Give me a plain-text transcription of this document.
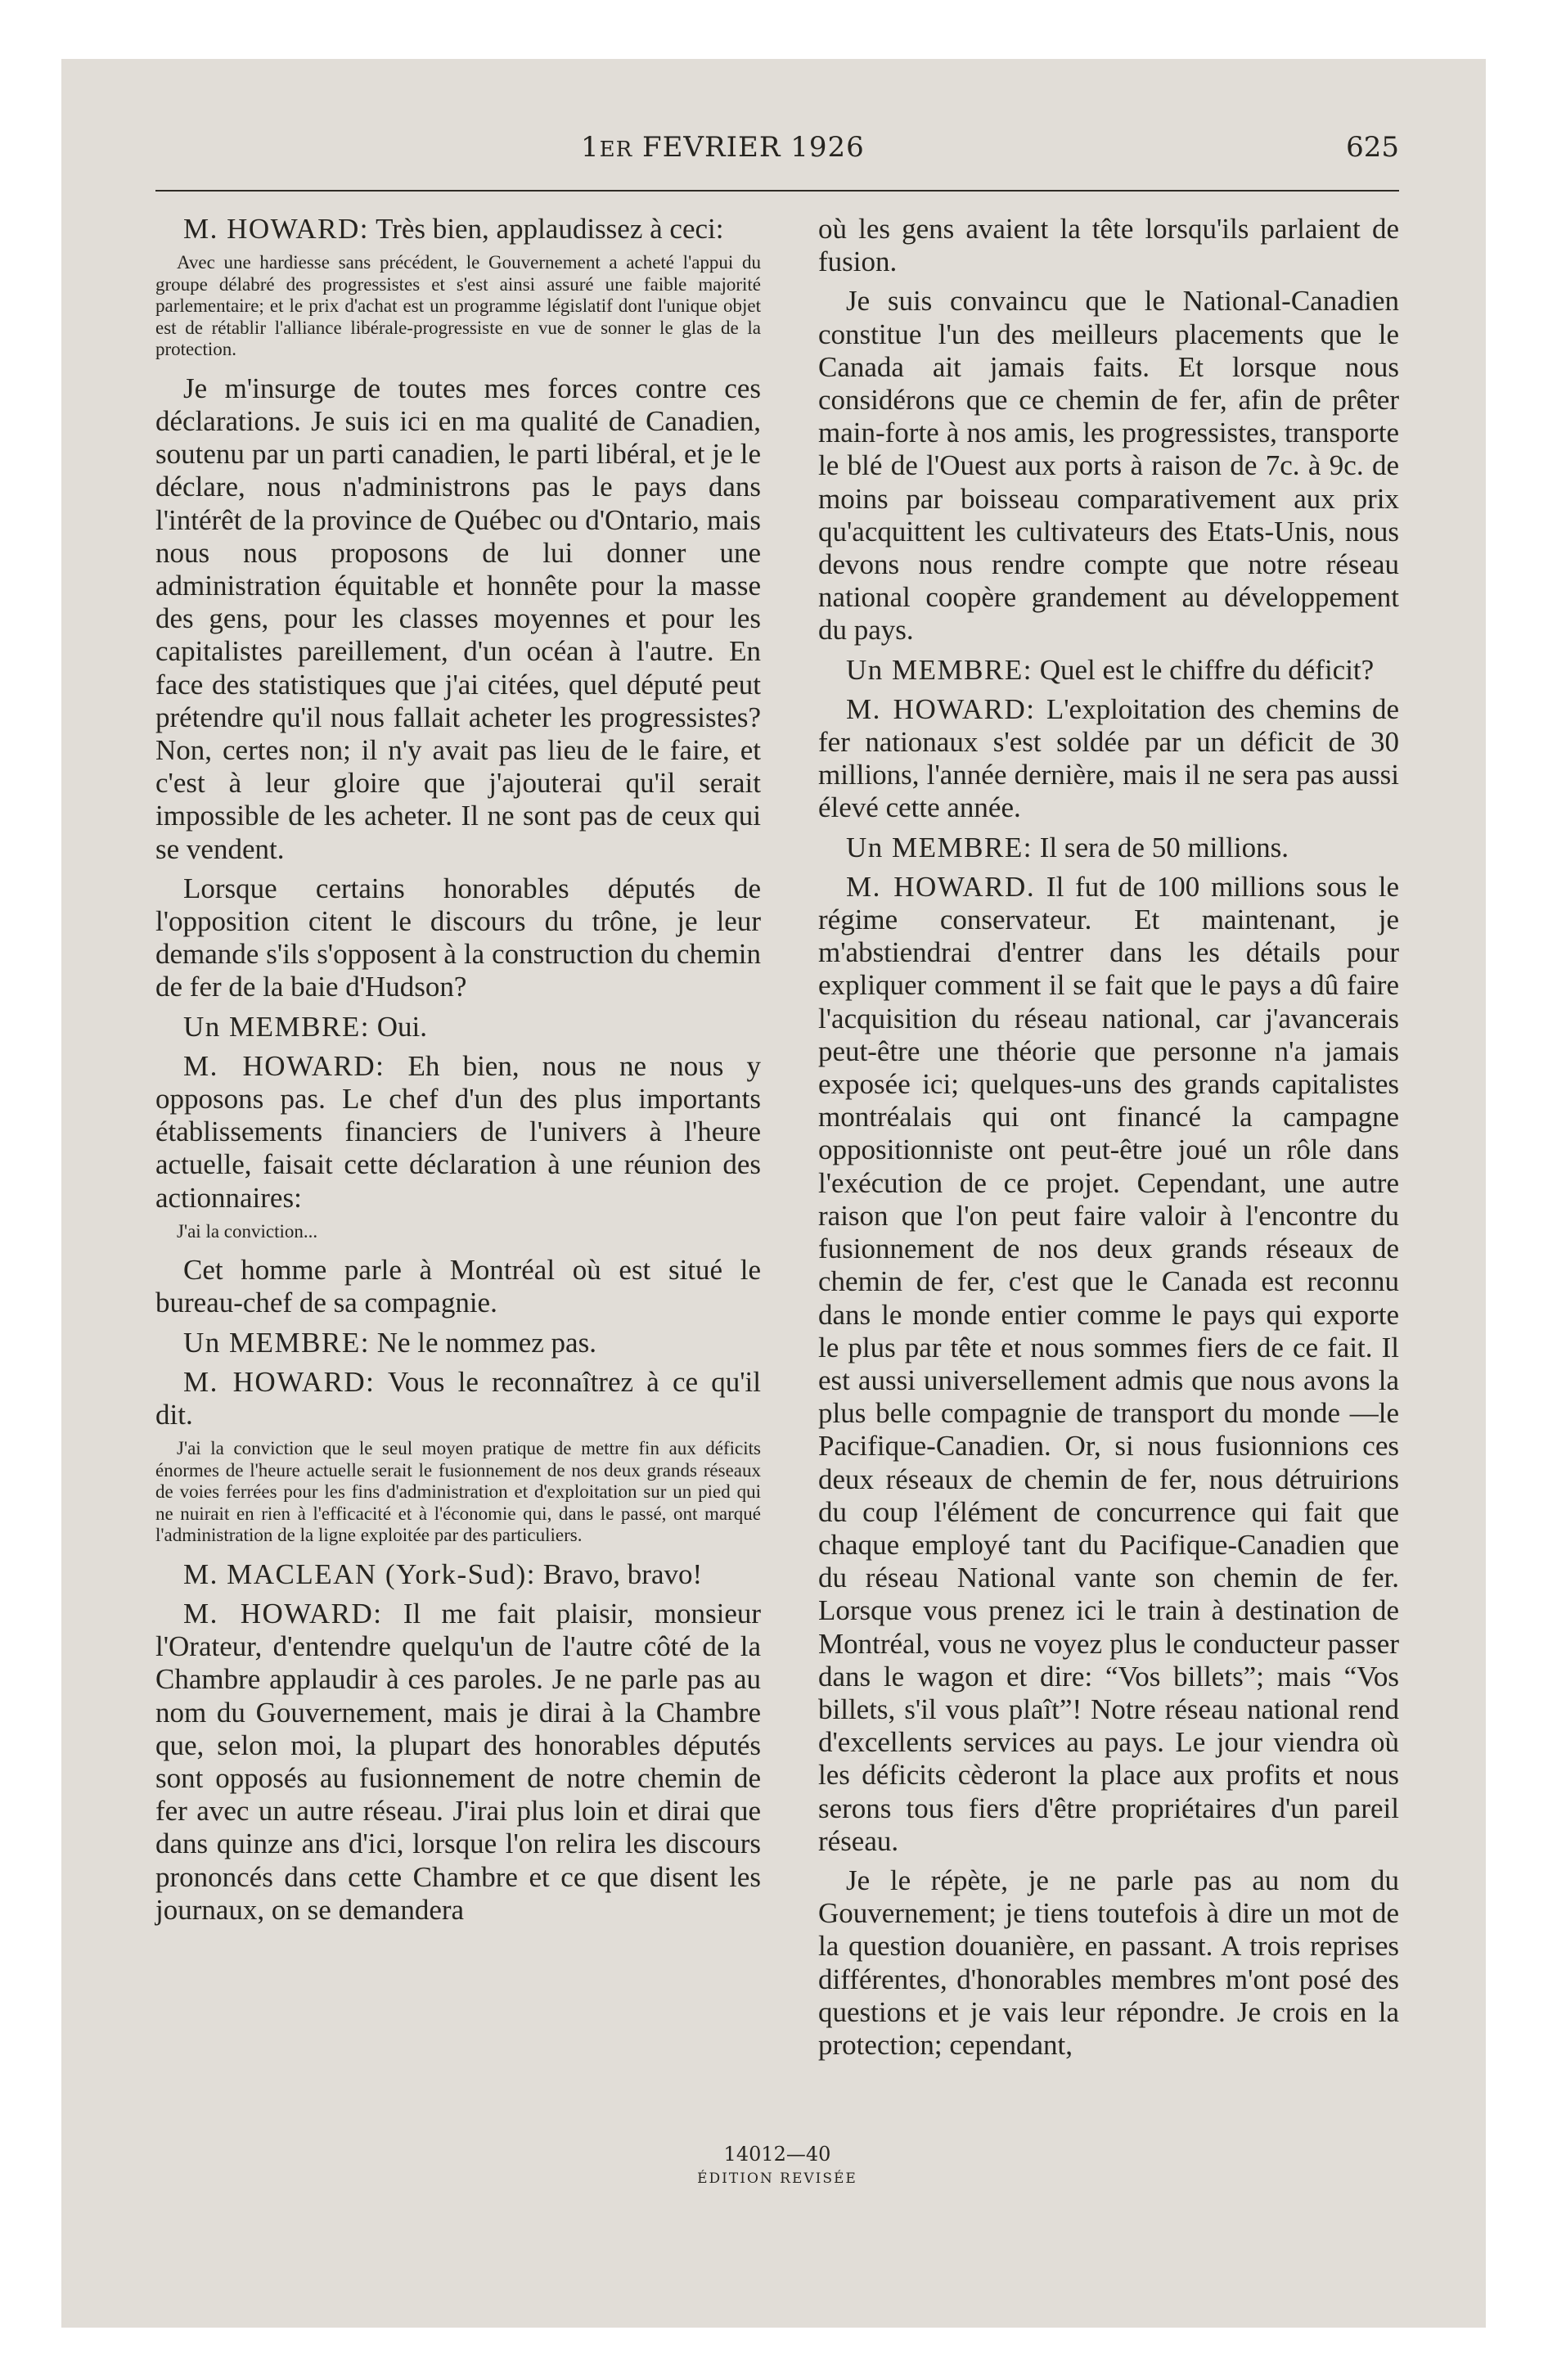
1ER FEVRIER 1926	625

M. HOWARD: Très bien, applaudissez à ceci:

Avec une hardiesse sans précédent, le Gouvernement a acheté l'appui du groupe délabré des progressistes et s'est ainsi assuré une faible majorité parlementaire; et le prix d'achat est un programme législatif dont l'unique objet est de rétablir l'alliance libérale-progressiste en vue de sonner le glas de la protection.

Je m'insurge de toutes mes forces contre ces déclarations. Je suis ici en ma qualité de Canadien, soutenu par un parti canadien, le parti libéral, et je le déclare, nous n'administrons pas le pays dans l'intérêt de la province de Québec ou d'Ontario, mais nous nous proposons de lui donner une administration équitable et honnête pour la masse des gens, pour les classes moyennes et pour les capitalistes pareillement, d'un océan à l'autre. En face des statistiques que j'ai citées, quel député peut prétendre qu'il nous fallait acheter les progressistes? Non, certes non; il n'y avait pas lieu de le faire, et c'est à leur gloire que j'ajouterai qu'il serait impossible de les acheter. Il ne sont pas de ceux qui se vendent.

Lorsque certains honorables députés de l'opposition citent le discours du trône, je leur demande s'ils s'opposent à la construction du chemin de fer de la baie d'Hudson?

Un MEMBRE: Oui.

M. HOWARD: Eh bien, nous ne nous y opposons pas. Le chef d'un des plus importants établissements financiers de l'univers à l'heure actuelle, faisait cette déclaration à une réunion des actionnaires:

J'ai la conviction...

Cet homme parle à Montréal où est situé le bureau-chef de sa compagnie.

Un MEMBRE: Ne le nommez pas.

M. HOWARD: Vous le reconnaîtrez à ce qu'il dit.

J'ai la conviction que le seul moyen pratique de mettre fin aux déficits énormes de l'heure actuelle serait le fusionnement de nos deux grands réseaux de voies ferrées pour les fins d'administration et d'exploitation sur un pied qui ne nuirait en rien à l'efficacité et à l'économie qui, dans le passé, ont marqué l'administration de la ligne exploitée par des particuliers.

M. MACLEAN (York-Sud): Bravo, bravo!

M. HOWARD: Il me fait plaisir, monsieur l'Orateur, d'entendre quelqu'un de l'autre côté de la Chambre applaudir à ces paroles. Je ne parle pas au nom du Gouvernement, mais je dirai à la Chambre que, selon moi, la plupart des honorables députés sont opposés au fusionnement de notre chemin de fer avec un autre réseau. J'irai plus loin et dirai que dans quinze ans d'ici, lorsque l'on relira les discours prononcés dans cette Chambre et ce que disent les journaux, on se demandera

où les gens avaient la tête lorsqu'ils parlaient de fusion.

Je suis convaincu que le National-Canadien constitue l'un des meilleurs placements que le Canada ait jamais faits. Et lorsque nous considérons que ce chemin de fer, afin de prêter main-forte à nos amis, les progressistes, transporte le blé de l'Ouest aux ports à raison de 7c. à 9c. de moins par boisseau comparativement aux prix qu'acquittent les cultivateurs des Etats-Unis, nous devons nous rendre compte que notre réseau national coopère grandement au développement du pays.

Un MEMBRE: Quel est le chiffre du déficit?

M. HOWARD: L'exploitation des chemins de fer nationaux s'est soldée par un déficit de 30 millions, l'année dernière, mais il ne sera pas aussi élevé cette année.

Un MEMBRE: Il sera de 50 millions.

M. HOWARD. Il fut de 100 millions sous le régime conservateur. Et maintenant, je m'abstiendrai d'entrer dans les détails pour expliquer comment il se fait que le pays a dû faire l'acquisition du réseau national, car j'avancerais peut-être une théorie que personne n'a jamais exposée ici; quelques-uns des grands capitalistes montréalais qui ont financé la campagne oppositionniste ont peut-être joué un rôle dans l'exécution de ce projet. Cependant, une autre raison que l'on peut faire valoir à l'encontre du fusionnement de nos deux grands réseaux de chemin de fer, c'est que le Canada est reconnu dans le monde entier comme le pays qui exporte le plus par tête et nous sommes fiers de ce fait. Il est aussi universellement admis que nous avons la plus belle compagnie de transport du monde —le Pacifique-Canadien. Or, si nous fusionnions ces deux réseaux de chemin de fer, nous détruirions du coup l'élément de concurrence qui fait que chaque employé tant du Pacifique-Canadien que du réseau National vante son chemin de fer. Lorsque vous prenez ici le train à destination de Montréal, vous ne voyez plus le conducteur passer dans le wagon et dire: “Vos billets”; mais “Vos billets, s'il vous plaît”! Notre réseau national rend d'excellents services au pays. Le jour viendra où les déficits cèderont la place aux profits et nous serons tous fiers d'être propriétaires d'un pareil réseau.

Je le répète, je ne parle pas au nom du Gouvernement; je tiens toutefois à dire un mot de la question douanière, en passant. A trois reprises différentes, d'honorables membres m'ont posé des questions et je vais leur répondre. Je crois en la protection; cependant,

14012—40
ÉDITION REVISÉE
